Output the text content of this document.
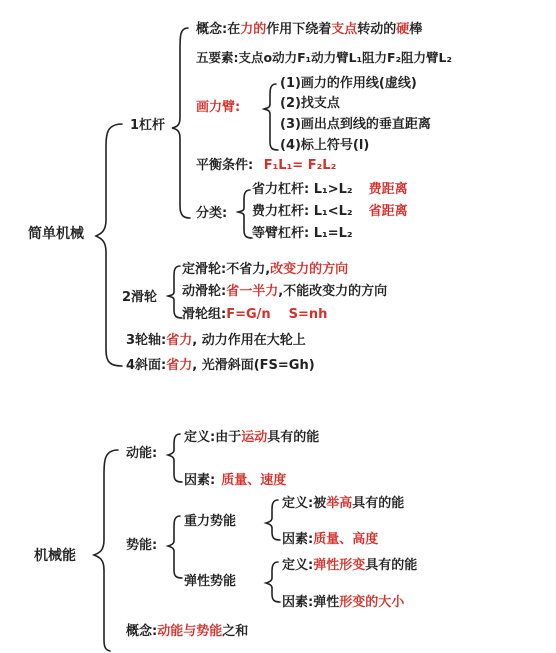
简单机械
1杠杆
概念:在力的作用下绕着支点转动的硬棒
五要素:支点o动力F₁动力臂L₁阻力F₂阻力臂L₂
画力臂:
(1)画力的作用线(虚线)
(2)找支点
(3)画出点到线的垂直距离
(4)标上符号(l)
平衡条件: F₁L₁= F₂L₂
分类:
省力杠杆: L₁>L₂ 费距离
费力杠杆: L₁<L₂ 省距离
等臂杠杆: L₁=L₂
2滑轮
定滑轮:不省力,改变力的方向
动滑轮:省一半力,不能改变力的方向
滑轮组:F=G/n S=nh
3轮轴:省力, 动力作用在大轮上
4斜面:省力, 光滑斜面(FS=Gh)
机械能
动能:
定义:由于运动具有的能
因素: 质量、速度
势能:
重力势能
定义:被举高具有的能
因素:质量、高度
弹性势能
定义:弹性形变具有的能
因素:弹性形变的大小
概念:动能与势能之和
